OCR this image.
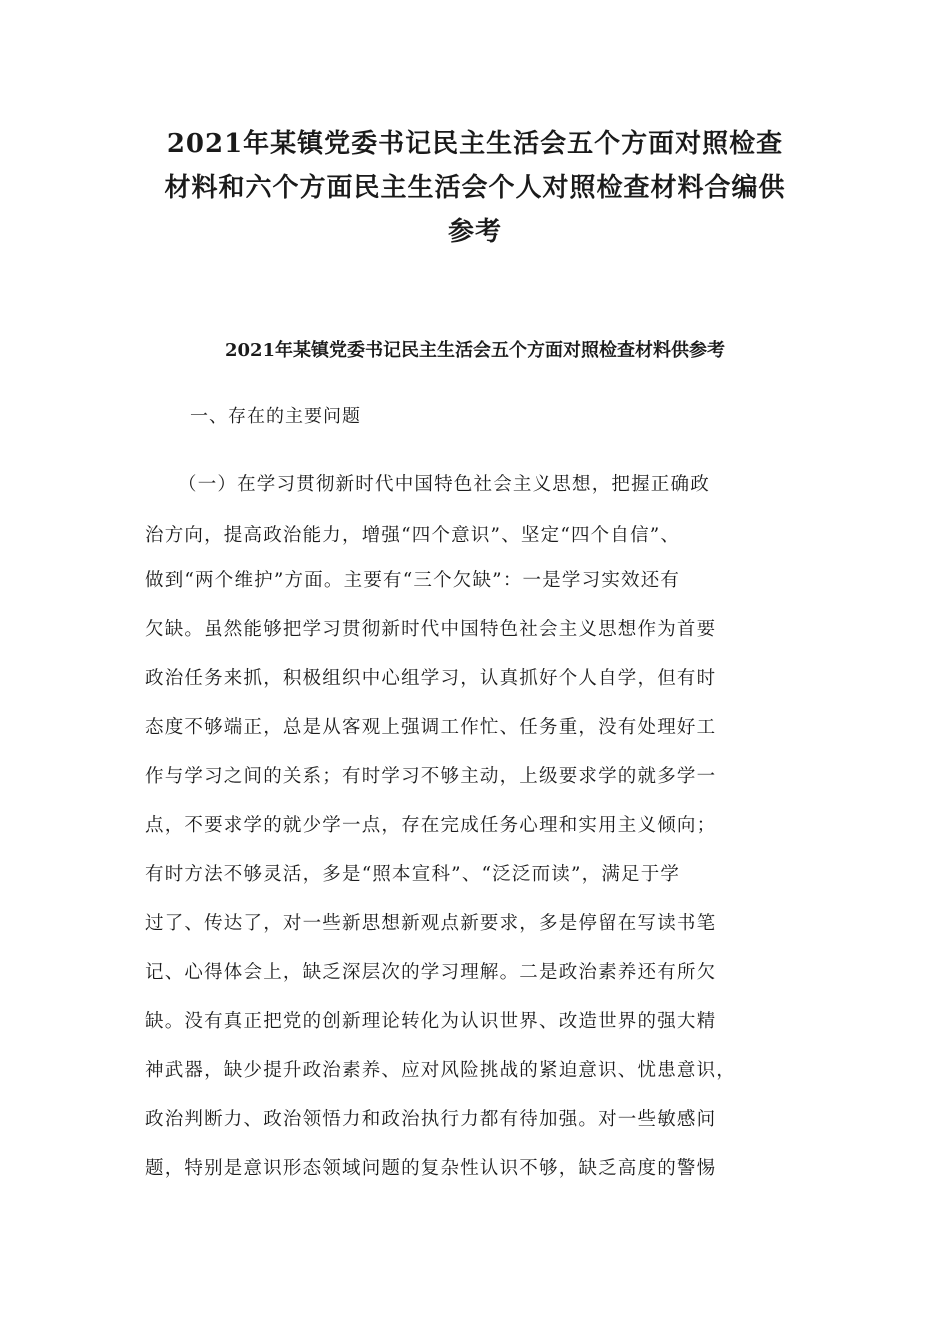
2021年某镇党委书记民主生活会五个方面对照检查
材料和六个方面民主生活会个人对照检查材料合编供
参考
2021年某镇党委书记民主生活会五个方面对照检查材料供参考
一、存在的主要问题
（一）在学习贯彻新时代中国特色社会主义思想，把握正确政
治方向，提高政治能力，增强“四个意识”、坚定“四个自信”、
做到“两个维护”方面。主要有“三个欠缺”：一是学习实效还有
欠缺。虽然能够把学习贯彻新时代中国特色社会主义思想作为首要
政治任务来抓，积极组织中心组学习，认真抓好个人自学，但有时
态度不够端正，总是从客观上强调工作忙、任务重，没有处理好工
作与学习之间的关系；有时学习不够主动，上级要求学的就多学一
点，不要求学的就少学一点，存在完成任务心理和实用主义倾向；
有时方法不够灵活，多是“照本宣科”、“泛泛而读”，满足于学
过了、传达了，对一些新思想新观点新要求，多是停留在写读书笔
记、心得体会上，缺乏深层次的学习理解。二是政治素养还有所欠
缺。没有真正把党的创新理论转化为认识世界、改造世界的强大精
神武器，缺少提升政治素养、应对风险挑战的紧迫意识、忧患意识，
政治判断力、政治领悟力和政治执行力都有待加强。对一些敏感问
题，特别是意识形态领域问题的复杂性认识不够，缺乏高度的警惕
